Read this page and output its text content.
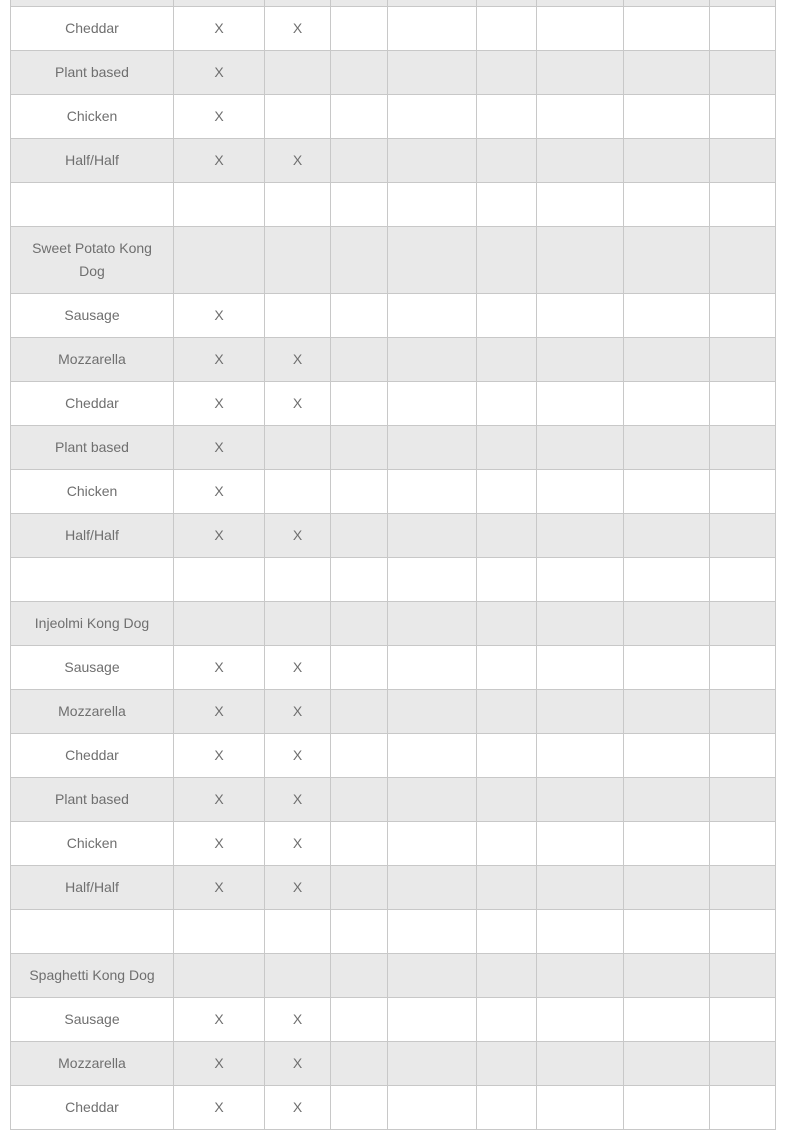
Cheddar	X	X						
Plant based	X							
Chicken	X							
Half/Half	X	X						

Sweet Potato Kong Dog								
Sausage	X							
Mozzarella	X	X						
Cheddar	X	X						
Plant based	X							
Chicken	X							
Half/Half	X	X						

Injeolmi Kong Dog								
Sausage	X	X						
Mozzarella	X	X						
Cheddar	X	X						
Plant based	X	X						
Chicken	X	X						
Half/Half	X	X						

Spaghetti Kong Dog								
Sausage	X	X						
Mozzarella	X	X						
Cheddar	X	X						
